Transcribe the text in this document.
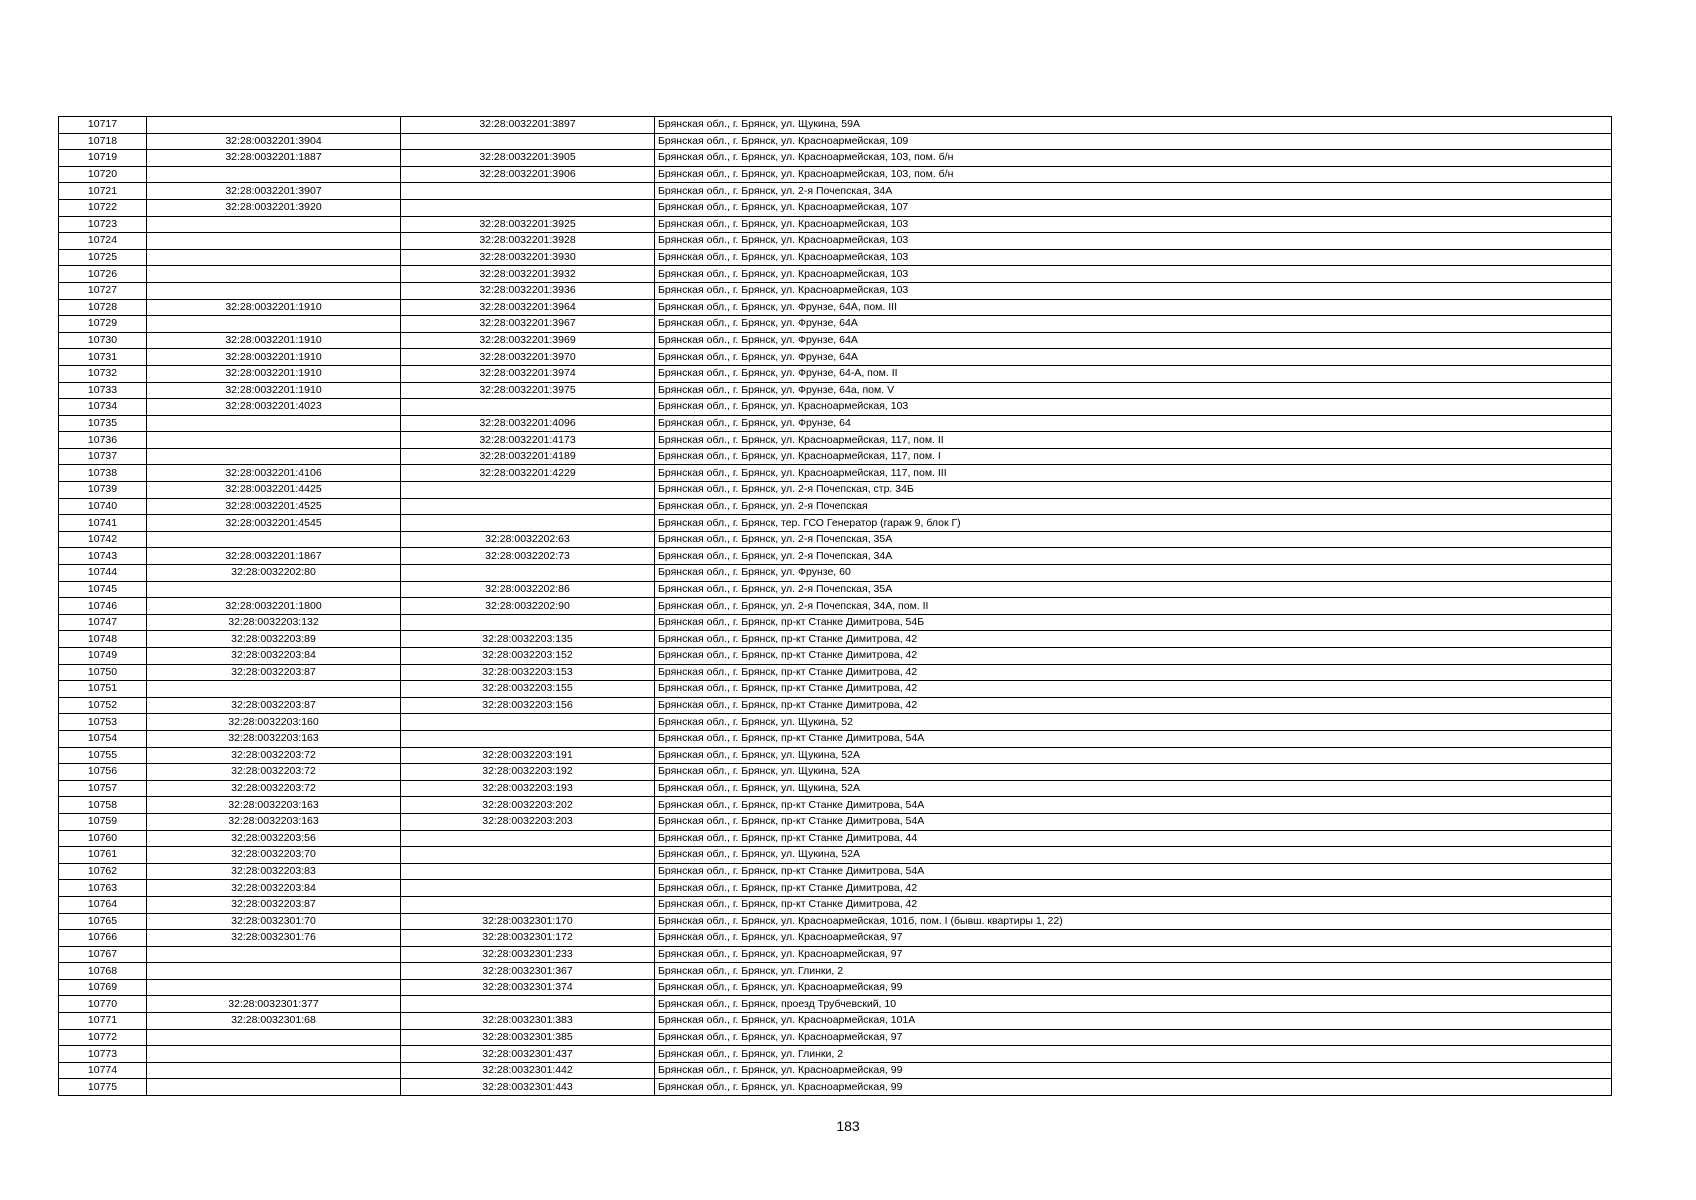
10717		32:28:0032201:3897	Брянская обл., г. Брянск, ул. Щукина, 59А
10718	32:28:0032201:3904		Брянская обл., г. Брянск, ул. Красноармейская, 109
10719	32:28:0032201:1887	32:28:0032201:3905	Брянская обл., г. Брянск, ул. Красноармейская, 103, пом. б/н
10720		32:28:0032201:3906	Брянская обл., г. Брянск, ул. Красноармейская, 103, пом. б/н
10721	32:28:0032201:3907		Брянская обл., г. Брянск, ул. 2-я Почепская, 34А
10722	32:28:0032201:3920		Брянская обл., г. Брянск, ул. Красноармейская, 107
10723		32:28:0032201:3925	Брянская обл., г. Брянск, ул. Красноармейская, 103
10724		32:28:0032201:3928	Брянская обл., г. Брянск, ул. Красноармейская, 103
10725		32:28:0032201:3930	Брянская обл., г. Брянск, ул. Красноармейская, 103
10726		32:28:0032201:3932	Брянская обл., г. Брянск, ул. Красноармейская, 103
10727		32:28:0032201:3936	Брянская обл., г. Брянск, ул. Красноармейская, 103
10728	32:28:0032201:1910	32:28:0032201:3964	Брянская обл., г. Брянск, ул. Фрунзе, 64А, пом. III
10729		32:28:0032201:3967	Брянская обл., г. Брянск, ул. Фрунзе, 64А
10730	32:28:0032201:1910	32:28:0032201:3969	Брянская обл., г. Брянск, ул. Фрунзе, 64А
10731	32:28:0032201:1910	32:28:0032201:3970	Брянская обл., г. Брянск, ул. Фрунзе, 64А
10732	32:28:0032201:1910	32:28:0032201:3974	Брянская обл., г. Брянск, ул. Фрунзе, 64-А, пом. II
10733	32:28:0032201:1910	32:28:0032201:3975	Брянская обл., г. Брянск, ул. Фрунзе, 64а, пом. V
10734	32:28:0032201:4023		Брянская обл., г. Брянск, ул. Красноармейская, 103
10735		32:28:0032201:4096	Брянская обл., г. Брянск, ул. Фрунзе, 64
10736		32:28:0032201:4173	Брянская обл., г. Брянск, ул. Красноармейская, 117, пом. II
10737		32:28:0032201:4189	Брянская обл., г. Брянск, ул. Красноармейская, 117, пом. I
10738	32:28:0032201:4106	32:28:0032201:4229	Брянская обл., г. Брянск, ул. Красноармейская, 117, пом. III
10739	32:28:0032201:4425		Брянская обл., г. Брянск, ул. 2-я Почепская, стр. 34Б
10740	32:28:0032201:4525		Брянская обл., г. Брянск, ул. 2-я Почепская
10741	32:28:0032201:4545		Брянская обл., г. Брянск, тер. ГСО Генератор (гараж 9, блок Г)
10742		32:28:0032202:63	Брянская обл., г. Брянск, ул. 2-я Почепская, 35А
10743	32:28:0032201:1867	32:28:0032202:73	Брянская обл., г. Брянск, ул. 2-я Почепская, 34А
10744	32:28:0032202:80		Брянская обл., г. Брянск, ул. Фрунзе, 60
10745		32:28:0032202:86	Брянская обл., г. Брянск, ул. 2-я Почепская, 35А
10746	32:28:0032201:1800	32:28:0032202:90	Брянская обл., г. Брянск, ул. 2-я Почепская, 34А, пом. II
10747	32:28:0032203:132		Брянская обл., г. Брянск, пр-кт Станке Димитрова, 54Б
10748	32:28:0032203:89	32:28:0032203:135	Брянская обл., г. Брянск, пр-кт Станке Димитрова, 42
10749	32:28:0032203:84	32:28:0032203:152	Брянская обл., г. Брянск, пр-кт Станке Димитрова, 42
10750	32:28:0032203:87	32:28:0032203:153	Брянская обл., г. Брянск, пр-кт Станке Димитрова, 42
10751		32:28:0032203:155	Брянская обл., г. Брянск, пр-кт Станке Димитрова, 42
10752	32:28:0032203:87	32:28:0032203:156	Брянская обл., г. Брянск, пр-кт Станке Димитрова, 42
10753	32:28:0032203:160		Брянская обл., г. Брянск, ул. Щукина, 52
10754	32:28:0032203:163		Брянская обл., г. Брянск, пр-кт Станке Димитрова, 54А
10755	32:28:0032203:72	32:28:0032203:191	Брянская обл., г. Брянск, ул. Щукина, 52А
10756	32:28:0032203:72	32:28:0032203:192	Брянская обл., г. Брянск, ул. Щукина, 52А
10757	32:28:0032203:72	32:28:0032203:193	Брянская обл., г. Брянск, ул. Щукина, 52А
10758	32:28:0032203:163	32:28:0032203:202	Брянская обл., г. Брянск, пр-кт Станке Димитрова, 54А
10759	32:28:0032203:163	32:28:0032203:203	Брянская обл., г. Брянск, пр-кт Станке Димитрова, 54А
10760	32:28:0032203:56		Брянская обл., г. Брянск, пр-кт Станке Димитрова, 44
10761	32:28:0032203:70		Брянская обл., г. Брянск, ул. Щукина, 52А
10762	32:28:0032203:83		Брянская обл., г. Брянск, пр-кт Станке Димитрова, 54А
10763	32:28:0032203:84		Брянская обл., г. Брянск, пр-кт Станке Димитрова, 42
10764	32:28:0032203:87		Брянская обл., г. Брянск, пр-кт Станке Димитрова, 42
10765	32:28:0032301:70	32:28:0032301:170	Брянская обл., г. Брянск, ул. Красноармейская, 101б, пом. I (бывш. квартиры 1, 22)
10766	32:28:0032301:76	32:28:0032301:172	Брянская обл., г. Брянск, ул. Красноармейская, 97
10767		32:28:0032301:233	Брянская обл., г. Брянск, ул. Красноармейская, 97
10768		32:28:0032301:367	Брянская обл., г. Брянск, ул. Глинки, 2
10769		32:28:0032301:374	Брянская обл., г. Брянск, ул. Красноармейская, 99
10770	32:28:0032301:377		Брянская обл., г. Брянск, проезд Трубчевский, 10
10771	32:28:0032301:68	32:28:0032301:383	Брянская обл., г. Брянск, ул. Красноармейская, 101А
10772		32:28:0032301:385	Брянская обл., г. Брянск, ул. Красноармейская, 97
10773		32:28:0032301:437	Брянская обл., г. Брянск, ул. Глинки, 2
10774		32:28:0032301:442	Брянская обл., г. Брянск, ул. Красноармейская, 99
10775		32:28:0032301:443	Брянская обл., г. Брянск, ул. Красноармейская, 99
183
